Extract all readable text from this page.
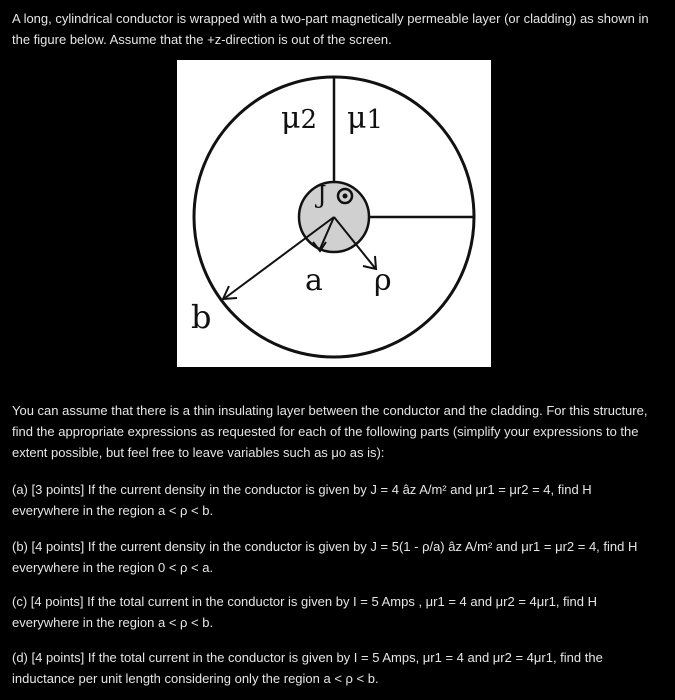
A long, cylindrical conductor is wrapped with a two-part magnetically permeable layer (or cladding) as shown in the figure below. Assume that the +z-direction is out of the screen.

J
μ2 μ1
a ρ
b

You can assume that there is a thin insulating layer between the conductor and the cladding. For this structure, find the appropriate expressions as requested for each of the following parts (simplify your expressions to the extent possible, but feel free to leave variables such as μo as is):

(a) [3 points] If the current density in the conductor is given by J = 4 âz A/m² and μr1 = μr2 = 4, find H everywhere in the region a < ρ < b.

(b) [4 points] If the current density in the conductor is given by J = 5(1 - ρ/a) âz A/m² and μr1 = μr2 = 4, find H everywhere in the region 0 < ρ < a.

(c) [4 points] If the total current in the conductor is given by I = 5 Amps , μr1 = 4 and μr2 = 4μr1, find H everywhere in the region a < ρ < b.

(d) [4 points] If the total current in the conductor is given by I = 5 Amps, μr1 = 4 and μr2 = 4μr1, find the inductance per unit length considering only the region a < ρ < b.
